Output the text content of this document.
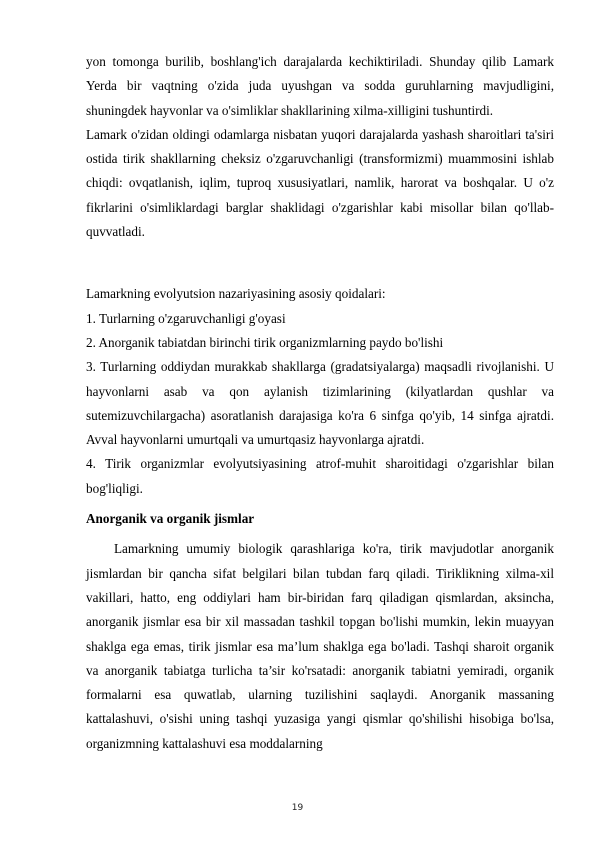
yon tomonga burilib, boshlang'ich darajalarda kechiktiriladi. Shunday qilib Lamark Yerda bir vaqtning o'zida juda uyushgan va sodda guruhlarning mavjudligini, shuningdek hayvonlar va o'simliklar shakllarining xilma-xilligini tushuntirdi.

Lamark o'zidan oldingi odamlarga nisbatan yuqori darajalarda yashash sharoitlari ta'siri ostida tirik shakllarning cheksiz o'zgaruvchanligi (transformizmi) muammosini ishlab chiqdi: ovqatlanish, iqlim, tuproq xususiyatlari, namlik, harorat va boshqalar. U o'z fikrlarini o'simliklardagi barglar shaklidagi o'zgarishlar kabi misollar bilan qo'llab-quvvatladi.

Lamarkning evolyutsion nazariyasining asosiy qoidalari:

1. Turlarning o'zgaruvchanligi g'oyasi

2. Anorganik tabiatdan birinchi tirik organizmlarning paydo bo'lishi

3. Turlarning oddiydan murakkab shakllarga (gradatsiyalarga) maqsadli rivojlanishi. U hayvonlarni asab va qon aylanish tizimlarining (kilyatlardan qushlar va sutemizuvchilargacha) asoratlanish darajasiga ko'ra 6 sinfga qo'yib, 14 sinfga ajratdi. Avval hayvonlarni umurtqali va umurtqasiz hayvonlarga ajratdi.

4. Tirik organizmlar evolyutsiyasining atrof-muhit sharoitidagi o'zgarishlar bilan bog'liqligi.

Anorganik va organik jismlar

Lamarkning umumiy biologik qarashlariga ko'ra, tirik mavjudotlar anorganik jismlardan bir qancha sifat belgilari bilan tubdan farq qiladi. Tiriklikning xilma-xil vakillari, hatto, eng oddiylari ham bir-biridan farq qiladigan qismlardan, aksincha, anorganik jismlar esa bir xil massadan tashkil topgan bo'lishi mumkin, lekin muayyan shaklga ega emas, tirik jismlar esa ma’lum shaklga ega bo'ladi. Tashqi sharoit organik va anorganik tabiatga turlicha ta’sir ko'rsatadi: anorganik tabiatni yemiradi, organik formalarni esa quwatlab, ularning tuzilishini saqlaydi. Anorganik massaning kattalashuvi, o'sishi uning tashqi yuzasiga yangi qismlar qo'shilishi hisobiga bo'lsa, organizmning kattalashuvi esa moddalarning

19
